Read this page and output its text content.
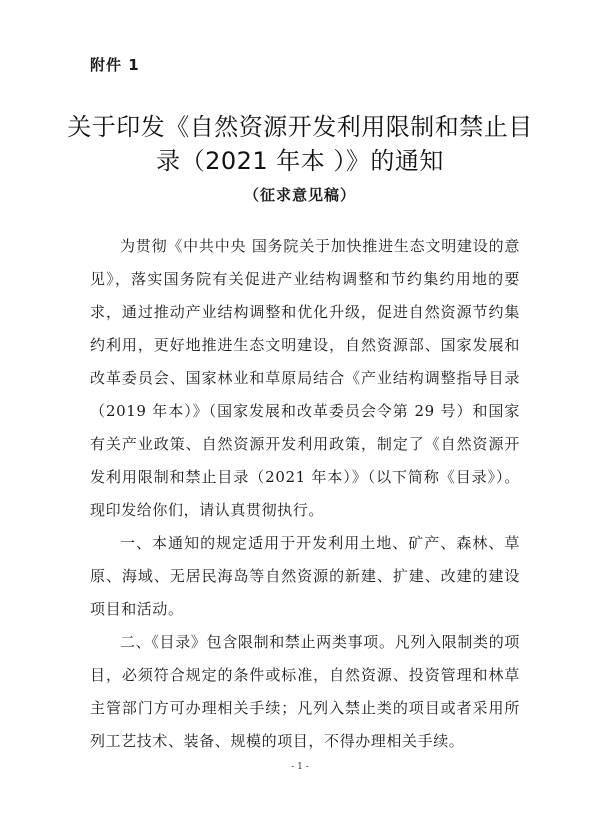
附件 1
关于印发《自然资源开发利用限制和禁止目
录（2021 年本 ）》的通知
（征求意见稿）

为贯彻《中共中央 国务院关于加快推进生态文明建设的意见》，落实国务院有关促进产业结构调整和节约集约用地的要求，通过推动产业结构调整和优化升级，促进自然资源节约集约利用，更好地推进生态文明建设，自然资源部、国家发展和改革委员会、国家林业和草原局结合《产业结构调整指导目录（2019 年本）》（国家发展和改革委员会令第 29 号）和国家有关产业政策、自然资源开发利用政策，制定了《自然资源开发利用限制和禁止目录（2021 年本）》（以下简称《目录》）。现印发给你们，请认真贯彻执行。

一、本通知的规定适用于开发利用土地、矿产、森林、草原、海域、无居民海岛等自然资源的新建、扩建、改建的建设项目和活动。

二、《目录》包含限制和禁止两类事项。凡列入限制类的项目，必须符合规定的条件或标准，自然资源、投资管理和林草主管部门方可办理相关手续；凡列入禁止类的项目或者采用所列工艺技术、装备、规模的项目，不得办理相关手续。

- 1 -
